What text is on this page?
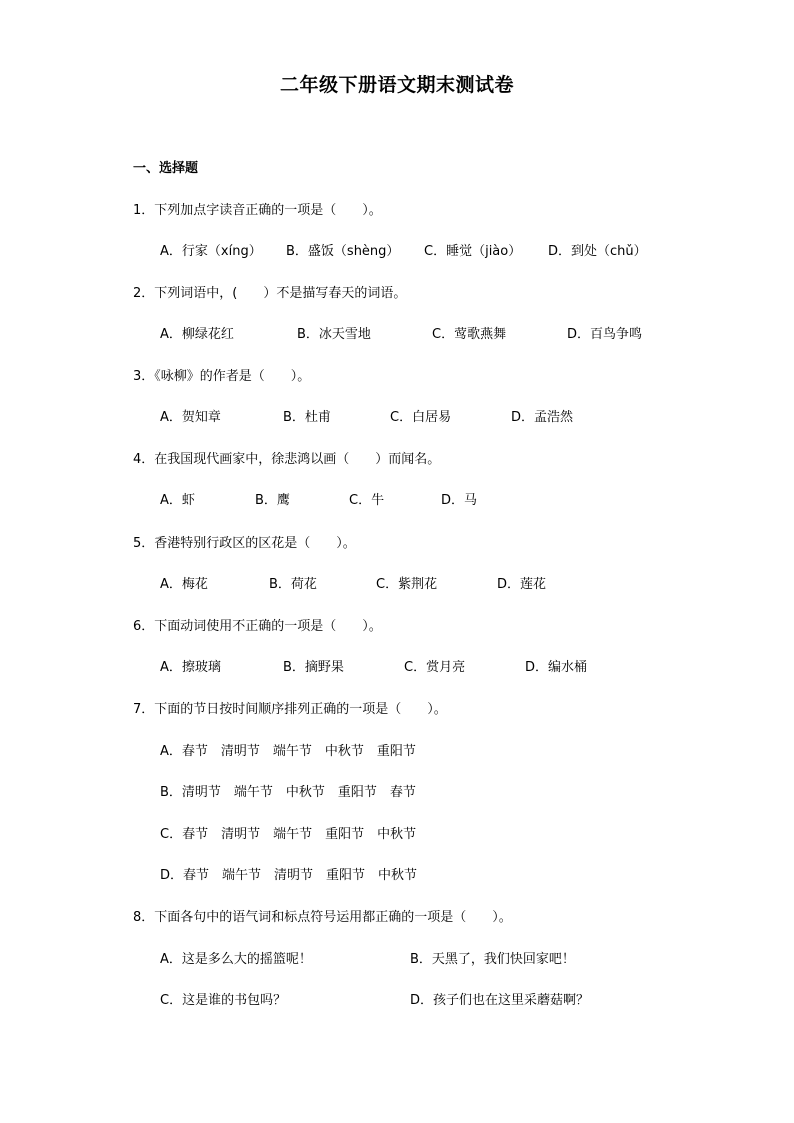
二年级下册语文期末测试卷
一、选择题
1．下列加点字读音正确的一项是（　　）。
A．行家（xíng） B．盛饭（shèng） C．睡觉（jiào） D．到处（chǔ）
2．下列词语中，(　　）不是描写春天的词语。
A．柳绿花红	B．冰天雪地	C．莺歌燕舞	D．百鸟争鸣
3．《咏柳》的作者是（　　）。
A．贺知章	B．杜甫	C．白居易	D．孟浩然
4．在我国现代画家中，徐悲鸿以画（　　）而闻名。
A．虾	B．鹰	C．牛	D．马
5．香港特别行政区的区花是（　　）。
A．梅花	B．荷花	C．紫荆花	D．莲花
6．下面动词使用不正确的一项是（　　）。
A．擦玻璃	B．摘野果	C．赏月亮	D．编水桶
7．下面的节日按时间顺序排列正确的一项是（　　）。
A．春节　清明节　端午节　中秋节　重阳节
B．清明节　端午节　中秋节　重阳节　春节
C．春节　清明节　端午节　重阳节　中秋节
D．春节　端午节　清明节　重阳节　中秋节
8．下面各句中的语气词和标点符号运用都正确的一项是（　　）。
A．这是多么大的摇篮呢！	B．天黑了，我们快回家吧！
C．这是谁的书包吗？	D．孩子们也在这里采蘑菇啊？
